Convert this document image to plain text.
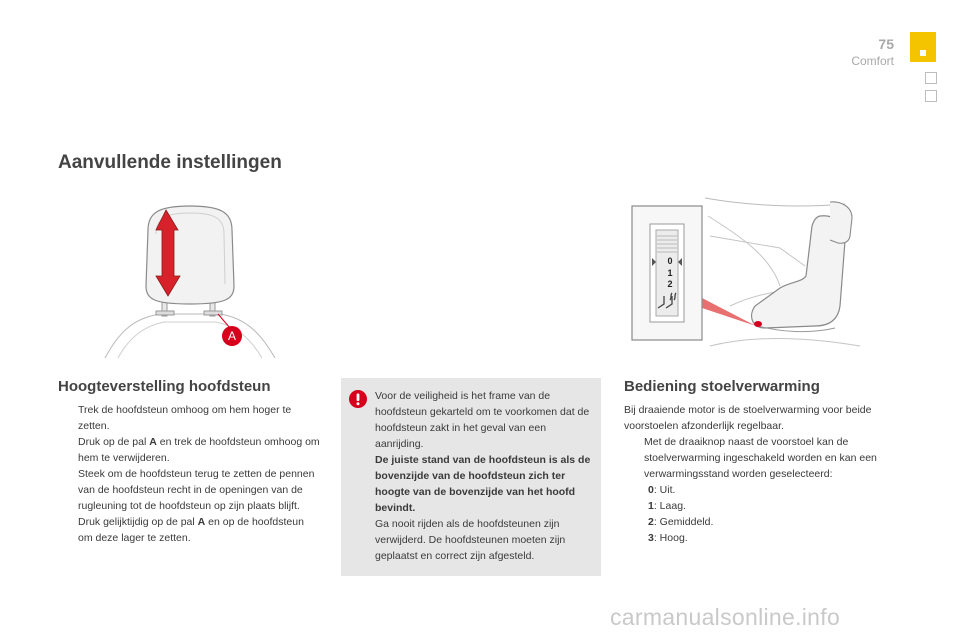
75
Comfort
Aanvullende instellingen
A
Hoogteverstelling hoofdsteun
Trek de hoofdsteun omhoog om hem hoger te zetten.
Druk op de pal A en trek de hoofdsteun omhoog om hem te verwijderen.
Steek om de hoofdsteun terug te zetten de pennen van de hoofdsteun recht in de openingen van de rugleuning tot de hoofdsteun op zijn plaats blijft.
Druk gelijktijdig op de pal A en op de hoofdsteun om deze lager te zetten.
Voor de veiligheid is het frame van de hoofdsteun gekarteld om te voorkomen dat de hoofdsteun zakt in het geval van een aanrijding.
De juiste stand van de hoofdsteun is als de bovenzijde van de hoofdsteun zich ter hoogte van de bovenzijde van het hoofd bevindt.
Ga nooit rijden als de hoofdsteunen zijn verwijderd. De hoofdsteunen moeten zijn geplaatst en correct zijn afgesteld.
0
1
2
Bediening stoelverwarming
Bij draaiende motor is de stoelverwarming voor beide voorstoelen afzonderlijk regelbaar.
Met de draaiknop naast de voorstoel kan de stoelverwarming ingeschakeld worden en kan een verwarmingsstand worden geselecteerd:
0: Uit.
1: Laag.
2: Gemiddeld.
3: Hoog.
carmanualsonline.info
